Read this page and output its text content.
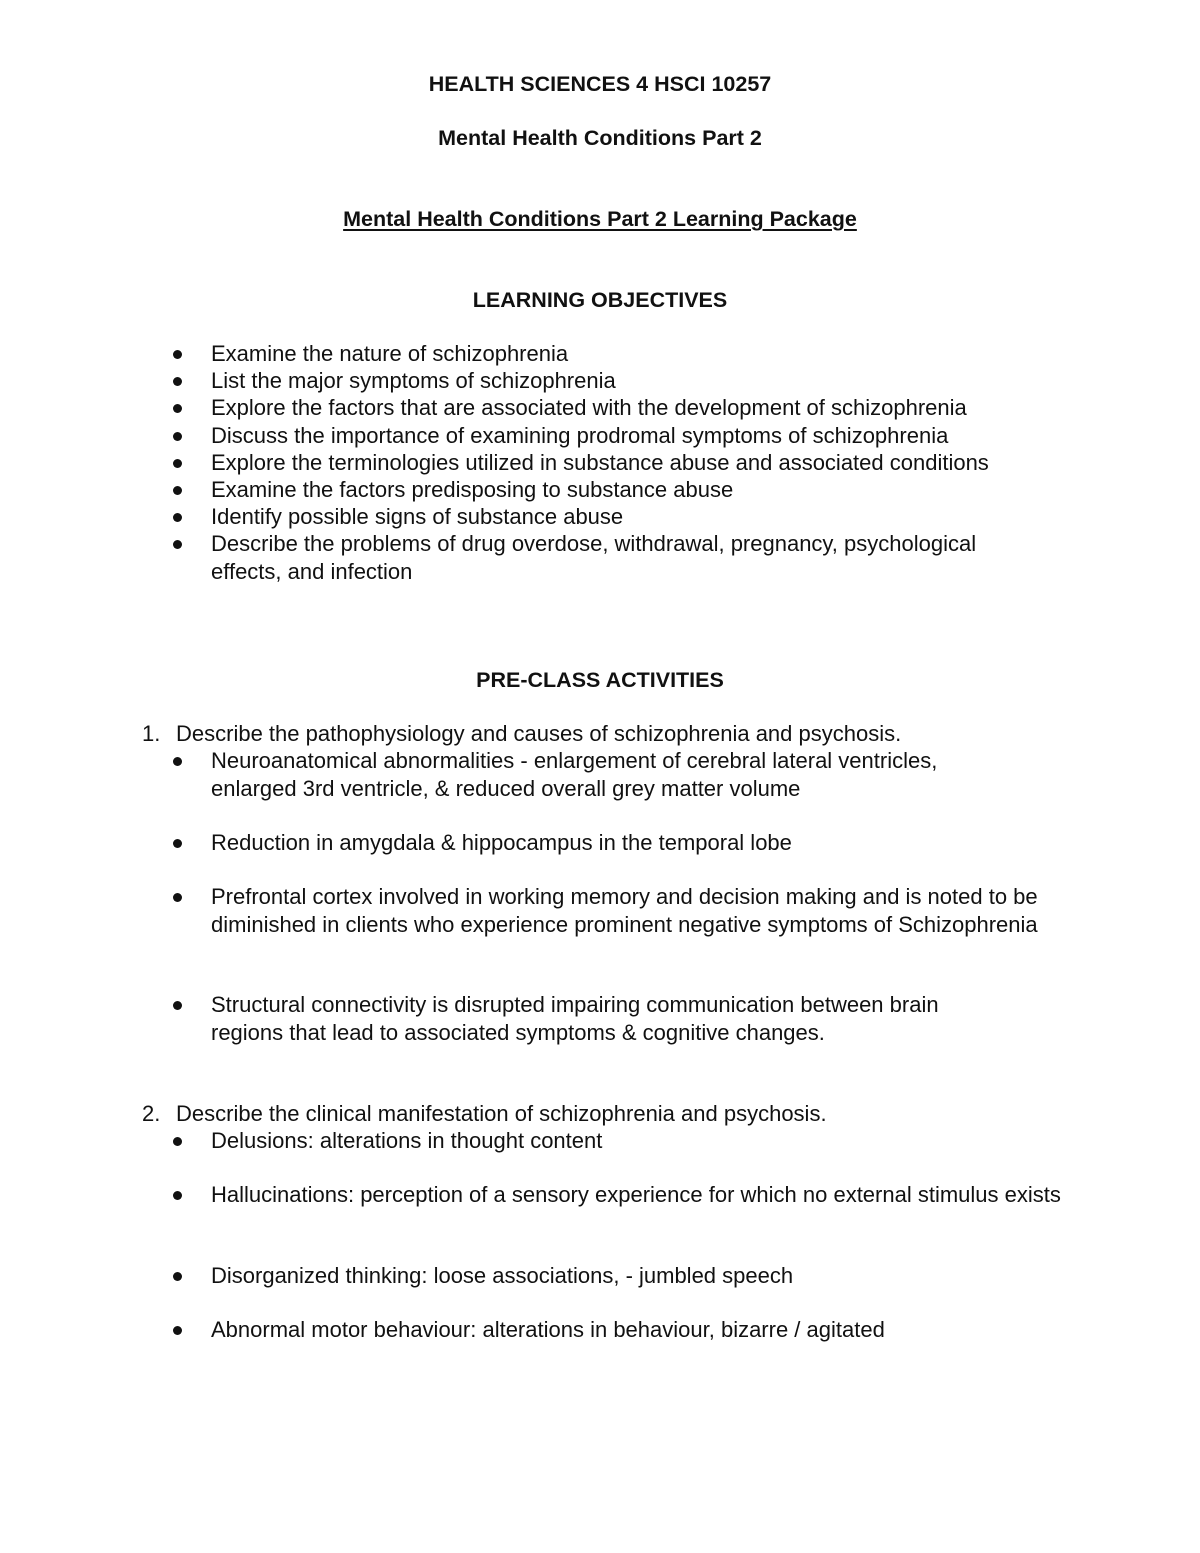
HEALTH SCIENCES 4 HSCI 10257
Mental Health Conditions Part 2
Mental Health Conditions Part 2 Learning Package
LEARNING OBJECTIVES
Examine the nature of schizophrenia
List the major symptoms of schizophrenia
Explore the factors that are associated with the development of schizophrenia
Discuss the importance of examining prodromal symptoms of schizophrenia
Explore the terminologies utilized in substance abuse and associated conditions
Examine the factors predisposing to substance abuse
Identify possible signs of substance abuse
Describe the problems of drug overdose, withdrawal, pregnancy, psychological effects, and infection
PRE-CLASS ACTIVITIES
1. Describe the pathophysiology and causes of schizophrenia and psychosis.
Neuroanatomical abnormalities - enlargement of cerebral lateral ventricles, enlarged 3rd ventricle, & reduced overall grey matter volume
Reduction in amygdala & hippocampus in the temporal lobe
Prefrontal cortex involved in working memory and decision making and is noted to be diminished in clients who experience prominent negative symptoms of Schizophrenia
Structural connectivity is disrupted impairing communication between brain regions that lead to associated symptoms & cognitive changes.
2. Describe the clinical manifestation of schizophrenia and psychosis.
Delusions: alterations in thought content
Hallucinations: perception of a sensory experience for which no external stimulus exists
Disorganized thinking: loose associations, - jumbled speech
Abnormal motor behaviour: alterations in behaviour, bizarre / agitated
